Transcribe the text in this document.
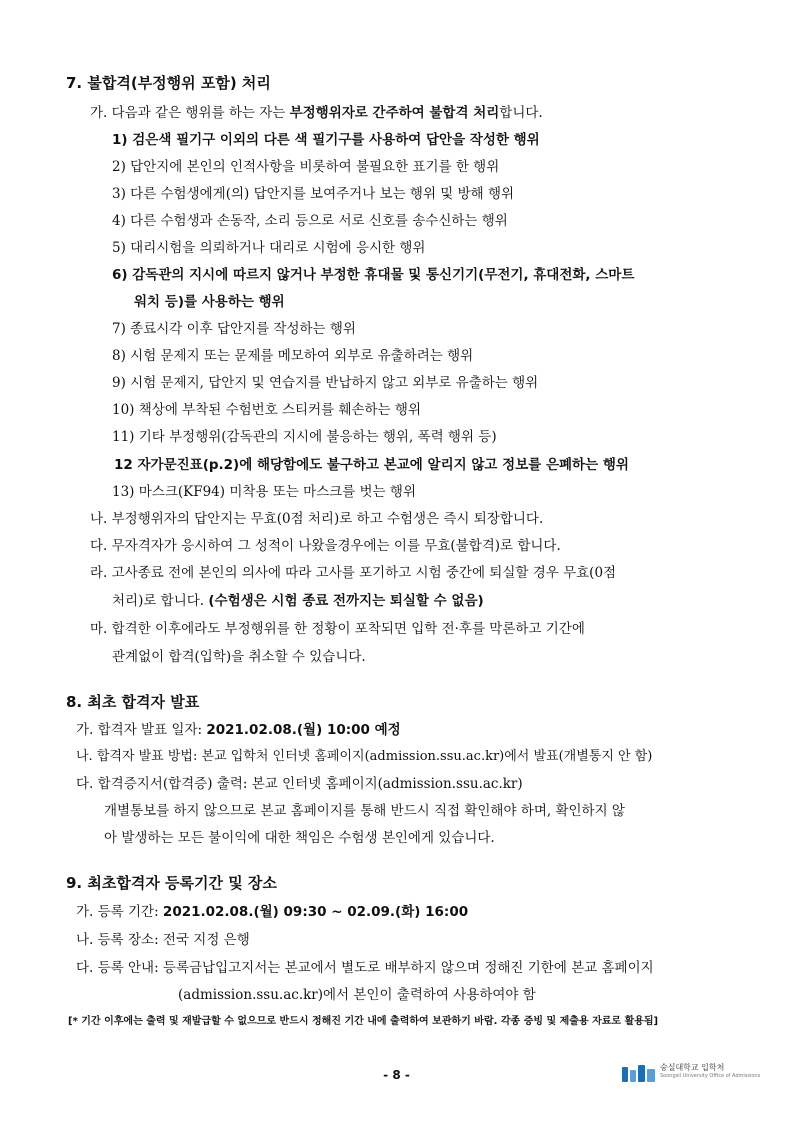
7. 불합격(부정행위 포함) 처리
가. 다음과 같은 행위를 하는 자는 부정행위자로 간주하여 불합격 처리합니다.
1) 검은색 필기구 이외의 다른 색 필기구를 사용하여 답안을 작성한 행위
2) 답안지에 본인의 인적사항을 비롯하여 불필요한 표기를 한 행위
3) 다른 수험생에게(의) 답안지를 보여주거나 보는 행위 및 방해 행위
4) 다른 수험생과 손동작, 소리 등으로 서로 신호를 송수신하는 행위
5) 대리시험을 의뢰하거나 대리로 시험에 응시한 행위
6) 감독관의 지시에 따르지 않거나 부정한 휴대물 및 통신기기(무전기, 휴대전화, 스마트
워치 등)를 사용하는 행위
7) 종료시각 이후 답안지를 작성하는 행위
8) 시험 문제지 또는 문제를 메모하여 외부로 유출하려는 행위
9) 시험 문제지, 답안지 및 연습지를 반납하지 않고 외부로 유출하는 행위
10) 책상에 부착된 수험번호 스티커를 훼손하는 행위
11) 기타 부정행위(감독관의 지시에 불응하는 행위, 폭력 행위 등)
12 자가문진표(p.2)에 해당함에도 불구하고 본교에 알리지 않고 정보를 은폐하는 행위
13) 마스크(KF94) 미착용 또는 마스크를 벗는 행위
나. 부정행위자의 답안지는 무효(0점 처리)로 하고 수험생은 즉시 퇴장합니다.
다. 무자격자가 응시하여 그 성적이 나왔을경우에는 이를 무효(불합격)로 합니다.
라. 고사종료 전에 본인의 의사에 따라 고사를 포기하고 시험 중간에 퇴실할 경우 무효(0점
처리)로 합니다. (수험생은 시험 종료 전까지는 퇴실할 수 없음)
마. 합격한 이후에라도 부정행위를 한 정황이 포착되면 입학 전·후를 막론하고 기간에
관계없이 합격(입학)을 취소할 수 있습니다.
8. 최초 합격자 발표
가. 합격자 발표 일자: 2021.02.08.(월) 10:00 예정
나. 합격자 발표 방법: 본교 입학처 인터넷 홈페이지(admission.ssu.ac.kr)에서 발표(개별통지 안 함)
다. 합격증지서(합격증) 출력: 본교 인터넷 홈페이지(admission.ssu.ac.kr)
개별통보를 하지 않으므로 본교 홈페이지를 통해 반드시 직접 확인해야 하며, 확인하지 않
아 발생하는 모든 불이익에 대한 책임은 수험생 본인에게 있습니다.
9. 최초합격자 등록기간 및 장소
가. 등록 기간: 2021.02.08.(월) 09:30 ~ 02.09.(화) 16:00
나. 등록 장소: 전국 지정 은행
다. 등록 안내: 등록금납입고지서는 본교에서 별도로 배부하지 않으며 정해진 기한에 본교 홈페이지
(admission.ssu.ac.kr)에서 본인이 출력하여 사용하여야 함
[* 기간 이후에는 출력 및 재발급할 수 없으므로 반드시 정해진 기간 내에 출력하여 보관하기 바람. 각종 증빙 및 제출용 자료로 활용됨]
- 8 -
숭실대학교 입학처
Soongsil University Office of Admissions
